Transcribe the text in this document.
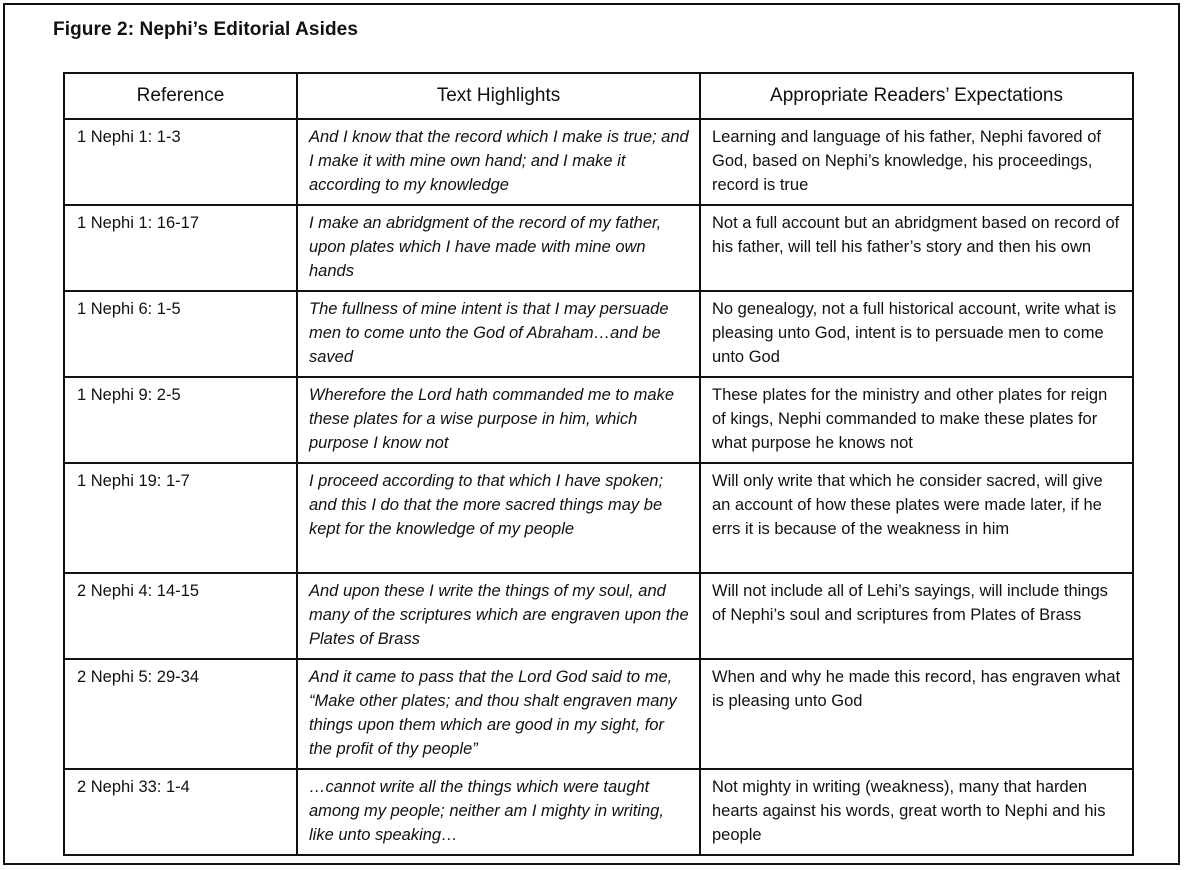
Figure 2: Nephi’s Editorial Asides
Reference	Text Highlights	Appropriate Readers’ Expectations
1 Nephi 1: 1-3	And I know that the record which I make is true; and I make it with mine own hand; and I make it according to my knowledge	Learning and language of his father, Nephi favored of God, based on Nephi’s knowledge, his proceedings, record is true
1 Nephi 1: 16-17	I make an abridgment of the record of my father, upon plates which I have made with mine own hands	Not a full account but an abridgment based on record of his father, will tell his father’s story and then his own
1 Nephi 6: 1-5	The fullness of mine intent is that I may persuade men to come unto the God of Abraham…and be saved	No genealogy, not a full historical account, write what is pleasing unto God, intent is to persuade men to come unto God
1 Nephi 9: 2-5	Wherefore the Lord hath commanded me to make these plates for a wise purpose in him, which purpose I know not	These plates for the ministry and other plates for reign of kings, Nephi commanded to make these plates for what purpose he knows not
1 Nephi 19: 1-7	I proceed according to that which I have spoken; and this I do that the more sacred things may be kept for the knowledge of my people	Will only write that which he consider sacred, will give an account of how these plates were made later, if he errs it is because of the weakness in him
2 Nephi 4: 14-15	And upon these I write the things of my soul, and many of the scriptures which are engraven upon the Plates of Brass	Will not include all of Lehi’s sayings, will include things of Nephi’s soul and scriptures from Plates of Brass
2 Nephi 5: 29-34	And it came to pass that the Lord God said to me, “Make other plates; and thou shalt engraven many things upon them which are good in my sight, for the profit of thy people”	When and why he made this record, has engraven what is pleasing unto God
2 Nephi 33: 1-4	…cannot write all the things which were taught among my people; neither am I mighty in writing, like unto speaking…	Not mighty in writing (weakness), many that harden hearts against his words, great worth to Nephi and his people
